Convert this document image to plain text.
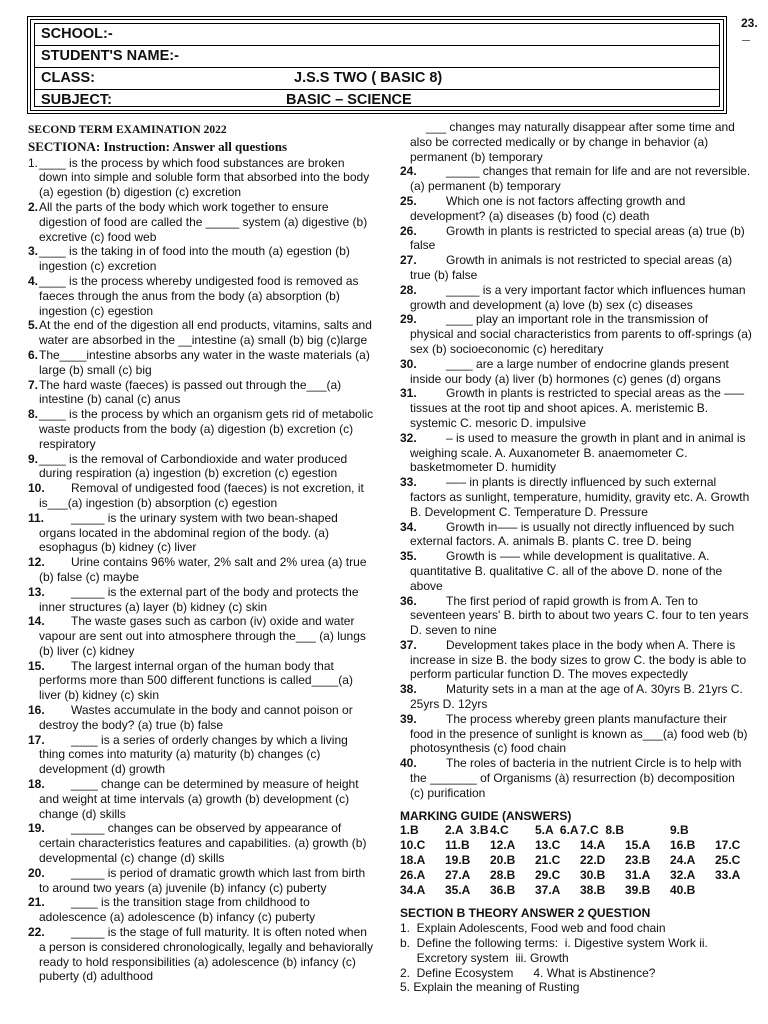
23.
SCHOOL:-
STUDENT'S NAME:-
CLASS:	J.S.S TWO ( BASIC 8)
SUBJECT:	BASIC – SCIENCE
SECOND TERM EXAMINATION 2022
SECTIONA: Instruction: Answer all questions
1. ____ is the process by which food substances are broken down into simple and soluble form that absorbed into the body (a) egestion (b) digestion (c) excretion
2. All the parts of the body which work together to ensure digestion of food are called the _____ system (a) digestive (b) excretive (c) food web
3. ____ is the taking in of food into the mouth (a) egestion (b) ingestion (c) excretion
4. ____ is the process whereby undigested food is removed as faeces through the anus from the body (a) absorption (b) ingestion (c) egestion
5. At the end of the digestion all end products, vitamins, salts and water are absorbed in the __intestine (a) small (b) big (c)large
6. The____intestine absorbs any water in the waste materials (a) large (b) small (c) big
7. The hard waste (faeces) is passed out through the___(a) intestine (b) canal (c) anus
8. ____ is the process by which an organism gets rid of metabolic waste products from the body (a) digestion (b) excretion (c) respiratory
9. ____ is the removal of Carbondioxide and water produced during respiration (a) ingestion (b) excretion (c) egestion
10. Removal of undigested food (faeces) is not excretion, it is___(a) ingestion (b) absorption (c) egestion
11. _____ is the urinary system with two bean-shaped organs located in the abdominal region of the body. (a) esophagus (b) kidney (c) liver
12. Urine contains 96% water, 2% salt and 2% urea (a) true (b) false (c) maybe
13. _____ is the external part of the body and protects the inner structures (a) layer (b) kidney (c) skin
14. The waste gases such as carbon (iv) oxide and water vapour are sent out into atmosphere through the___ (a) lungs (b) liver (c) kidney
15. The largest internal organ of the human body that performs more than 500 different functions is called____(a) liver (b) kidney (c) skin
16. Wastes accumulate in the body and cannot poison or destroy the body? (a) true (b) false
17. ____ is a series of orderly changes by which a living thing comes into maturity (a) maturity (b) changes (c) development (d) growth
18. ____ change can be determined by measure of height and weight at time intervals (a) growth (b) development (c) change (d) skills
19. _____ changes can be observed by appearance of certain characteristics features and capabilities. (a) growth (b) developmental (c) change (d) skills
20. _____ is period of dramatic growth which last from birth to around two years (a) juvenile (b) infancy (c) puberty
21. ____ is the transition stage from childhood to adolescence (a) adolescence (b) infancy (c) puberty
22. _____ is the stage of full maturity. It is often noted when a person is considered chronologically, legally and behaviorally ready to hold responsibilities (a) adolescence (b) infancy (c) puberty (d) adulthood
___ changes may naturally disappear after some time and also be corrected medically or by change in behavior (a) permanent (b) temporary
24. _____ changes that remain for life and are not reversible. (a) permanent (b) temporary
25. Which one is not factors affecting growth and development? (a) diseases (b) food (c) death
26. Growth in plants is restricted to special areas (a) true (b) false
27. Growth in animals is not restricted to special areas (a) true (b) false
28. _____ is a very important factor which influences human growth and development (a) love (b) sex (c) diseases
29. ____ play an important role in the transmission of physical and social characteristics from parents to off-springs (a) sex (b) socioeconomic (c) hereditary
30. ____ are a large number of endocrine glands present inside our body (a) liver (b) hormones (c) genes (d) organs
31. Growth in plants is restricted to special areas as the ––– tissues at the root tip and shoot apices. A. meristemic B. systemic C. mesoric D. impulsive
32. – is used to measure the growth in plant and in animal is weighing scale. A. Auxanometer B. anaemometer C. basketmometer D. humidity
33. ––– in plants is directly influenced by such external factors as sunlight, temperature, humidity, gravity etc. A. Growth B. Development C. Temperature D. Pressure
34. Growth in––– is usually not directly influenced by such external factors. A. animals B. plants C. tree D. being
35. Growth is ––– while development is qualitative. A. quantitative B. qualitative C. all of the above D. none of the above
36. The first period of rapid growth is from A. Ten to seventeen years' B. birth to about two years C. four to ten years D. seven to nine
37. Development takes place in the body when A. There is increase in size B. the body sizes to grow C. the body is able to perform particular function D. The moves expectedly
38. Maturity sets in a man at the age of A. 30yrs B. 21yrs C. 25yrs D. 12yrs
39. The process whereby green plants manufacture their food in the presence of sunlight is known as___(a) food web (b) photosynthesis (c) food chain
40. The roles of bacteria in the nutrient Circle is to help with the _______ of Organisms (à) resurrection (b) decomposition (c) purification
MARKING GUIDE (ANSWERS)
1.B	2.A  3.B 4.C	5.A  6.A 7.C  8.B	9.B
10.C	11.B	12.A	13.C	14.A	15.A	16.B	17.C
18.A	19.B	20.B	21.C	22.D	23.B	24.A	25.C
26.A	27.A	28.B	29.C	30.B	31.A	32.A	33.A
34.A	35.A	36.B	37.A	38.B	39.B	40.B
SECTION B THEORY ANSWER 2 QUESTION
1.  Explain Adolescents, Food web and food chain
b.  Define the following terms:  i. Digestive system Work ii.
Excretory system  iii. Growth
2.  Define Ecosystem      4. What is Abstinence?
5. Explain the meaning of Rusting
